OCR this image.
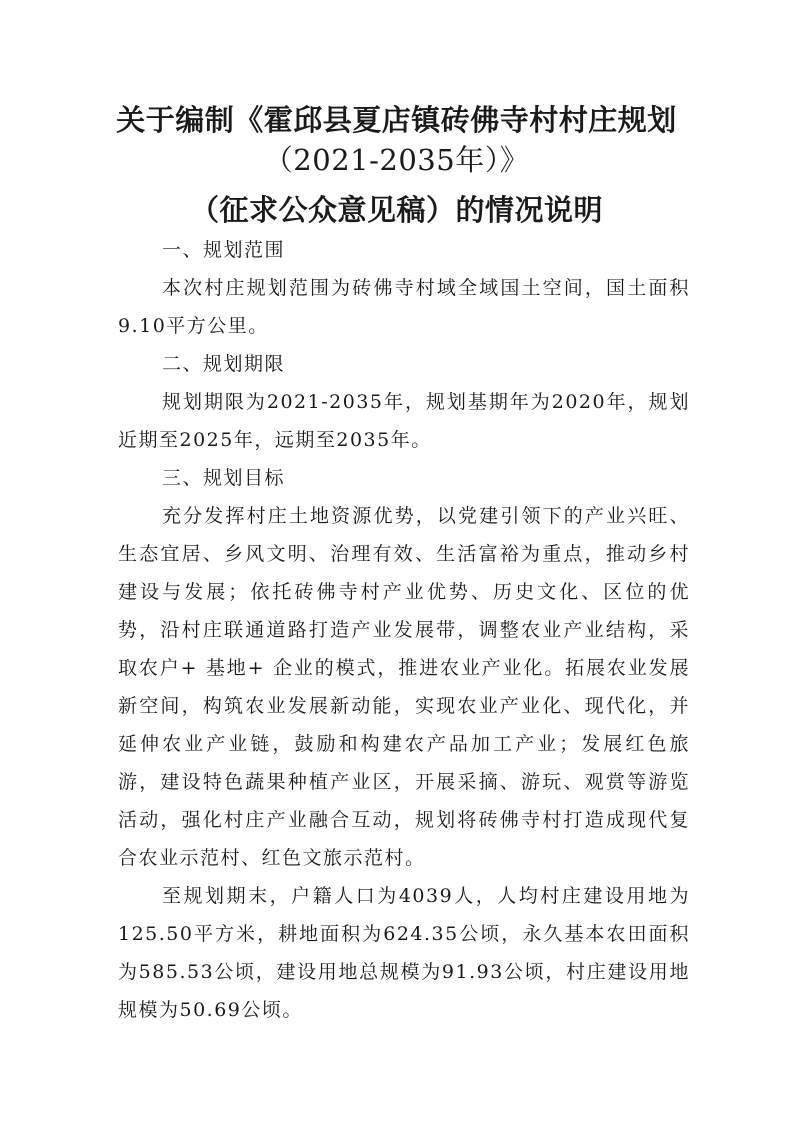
关于编制《霍邱县夏店镇砖佛寺村村庄规划
（2021-2035年）》
（征求公众意见稿）的情况说明
一、规划范围
本次村庄规划范围为砖佛寺村域全域国土空间，国土面积9.10平方公里。
二、规划期限
规划期限为2021-2035年，规划基期年为2020年，规划近期至2025年，远期至2035年。
三、规划目标
充分发挥村庄土地资源优势，以党建引领下的产业兴旺、生态宜居、乡风文明、治理有效、生活富裕为重点，推动乡村建设与发展；依托砖佛寺村产业优势、历史文化、区位的优势，沿村庄联通道路打造产业发展带，调整农业产业结构，采取农户+ 基地+ 企业的模式，推进农业产业化。拓展农业发展新空间，构筑农业发展新动能，实现农业产业化、现代化，并延伸农业产业链，鼓励和构建农产品加工产业；发展红色旅游，建设特色蔬果种植产业区，开展采摘、游玩、观赏等游览活动，强化村庄产业融合互动，规划将砖佛寺村打造成现代复合农业示范村、红色文旅示范村。
至规划期末，户籍人口为4039人，人均村庄建设用地为125.50平方米，耕地面积为624.35公顷，永久基本农田面积为585.53公顷，建设用地总规模为91.93公顷，村庄建设用地规模为50.69公顷。
